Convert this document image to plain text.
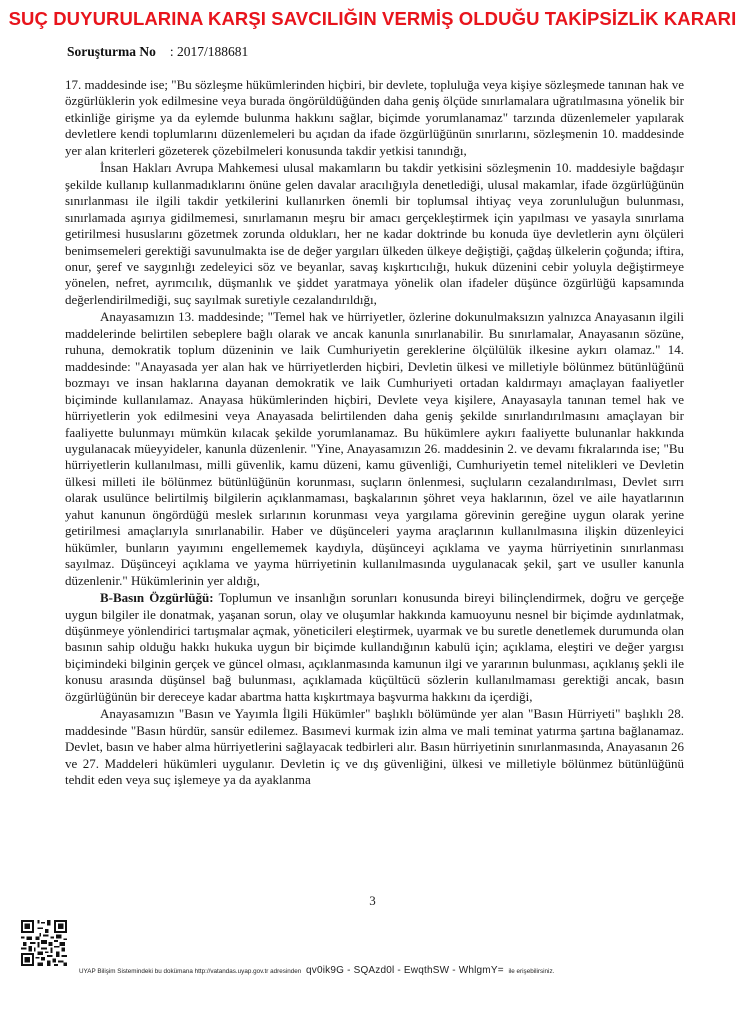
SUÇ DUYURULARINA KARŞI SAVCILIĞIN VERMİŞ OLDUĞU TAKİPSİZLİK KARARI
Soruşturma No : 2017/188681

17. maddesinde ise; "Bu sözleşme hükümlerinden hiçbiri, bir devlete, topluluğa veya kişiye sözleşmede tanınan hak ve özgürlüklerin yok edilmesine veya burada öngörüldüğünden daha geniş ölçüde sınırlamalara uğratılmasına yönelik bir etkinliğe girişme ya da eylemde bulunma hakkını sağlar, biçimde yorumlanamaz" tarzında düzenlemeler yapılarak devletlere kendi toplumlarını düzenlemeleri bu açıdan da ifade özgürlüğünün sınırlarını, sözleşmenin 10. maddesinde yer alan kriterleri gözeterek çözebilmeleri konusunda takdir yetkisi tanındığı,

İnsan Hakları Avrupa Mahkemesi ulusal makamların bu takdir yetkisini sözleşmenin 10. maddesiyle bağdaşır şekilde kullanıp kullanmadıklarını önüne gelen davalar aracılığıyla denetlediği, ulusal makamlar, ifade özgürlüğünün sınırlanması ile ilgili takdir yetkilerini kullanırken önemli bir toplumsal ihtiyaç veya zorunluluğun bulunması, sınırlamada aşırıya gidilmemesi, sınırlamanın meşru bir amacı gerçekleştirmek için yapılması ve yasayla sınırlama getirilmesi hususlarını gözetmek zorunda oldukları, her ne kadar doktrinde bu konuda üye devletlerin aynı ölçüleri benimsemeleri gerektiği savunulmakta ise de değer yargıları ülkeden ülkeye değiştiği, çağdaş ülkelerin çoğunda; iftira, onur, şeref ve saygınlığı zedeleyici söz ve beyanlar, savaş kışkırtıcılığı, hukuk düzenini cebir yoluyla değiştirmeye yönelen, nefret, ayrımcılık, düşmanlık ve şiddet yaratmaya yönelik olan ifadeler düşünce özgürlüğü kapsamında değerlendirilmediği, suç sayılmak suretiyle cezalandırıldığı,

Anayasamızın 13. maddesinde; "Temel hak ve hürriyetler, özlerine dokunulmaksızın yalnızca Anayasanın ilgili maddelerinde belirtilen sebeplere bağlı olarak ve ancak kanunla sınırlanabilir. Bu sınırlamalar, Anayasanın sözüne, ruhuna, demokratik toplum düzeninin ve laik Cumhuriyetin gereklerine ölçülülük ilkesine aykırı olamaz." 14. maddesinde: "Anayasada yer alan hak ve hürriyetlerden hiçbiri, Devletin ülkesi ve milletiyle bölünmez bütünlüğünü bozmayı ve insan haklarına dayanan demokratik ve laik Cumhuriyeti ortadan kaldırmayı amaçlayan faaliyetler biçiminde kullanılamaz. Anayasa hükümlerinden hiçbiri, Devlete veya kişilere, Anayasayla tanınan temel hak ve hürriyetlerin yok edilmesini veya Anayasada belirtilenden daha geniş şekilde sınırlandırılmasını amaçlayan bir faaliyette bulunmayı mümkün kılacak şekilde yorumlanamaz. Bu hükümlere aykırı faaliyette bulunanlar hakkında uygulanacak müeyyideler, kanunla düzenlenir. "Yine, Anayasamızın 26. maddesinin 2. ve devamı fıkralarında ise; "Bu hürriyetlerin kullanılması, milli güvenlik, kamu düzeni, kamu güvenliği, Cumhuriyetin temel nitelikleri ve Devletin ülkesi milleti ile bölünmez bütünlüğünün korunması, suçların önlenmesi, suçluların cezalandırılması, Devlet sırrı olarak usulünce belirtilmiş bilgilerin açıklanmaması, başkalarının şöhret veya haklarının, özel ve aile hayatlarının yahut kanunun öngördüğü meslek sırlarının korunması veya yargılama görevinin gereğine uygun olarak yerine getirilmesi amaçlarıyla sınırlanabilir. Haber ve düşünceleri yayma araçlarının kullanılmasına ilişkin düzenleyici hükümler, bunların yayımını engellememek kaydıyla, düşünceyi açıklama ve yayma hürriyetinin sınırlanması sayılmaz. Düşünceyi açıklama ve yayma hürriyetinin kullanılmasında uygulanacak şekil, şart ve usuller kanunla düzenlenir." Hükümlerinin yer aldığı,

B-Basın Özgürlüğü: Toplumun ve insanlığın sorunları konusunda bireyi bilinçlendirmek, doğru ve gerçeğe uygun bilgiler ile donatmak, yaşanan sorun, olay ve oluşumlar hakkında kamuoyunu nesnel bir biçimde aydınlatmak, düşünmeye yönlendirici tartışmalar açmak, yöneticileri eleştirmek, uyarmak ve bu suretle denetlemek durumunda olan basının sahip olduğu hakkı hukuka uygun bir biçimde kullandığının kabulü için; açıklama, eleştiri ve değer yargısı biçimindeki bilginin gerçek ve güncel olması, açıklanmasında kamunun ilgi ve yararının bulunması, açıklanış şekli ile konusu arasında düşünsel bağ bulunması, açıklamada küçültücü sözlerin kullanılmaması gerektiği ancak, basın özgürlüğünün bir dereceye kadar abartma hatta kışkırtmaya başvurma hakkını da içerdiği,

Anayasamızın "Basın ve Yayımla İlgili Hükümler" başlıklı bölümünde yer alan "Basın Hürriyeti" başlıklı 28. maddesinde "Basın hürdür, sansür edilemez. Basımevi kurmak izin alma ve mali teminat yatırma şartına bağlanamaz. Devlet, basın ve haber alma hürriyetlerini sağlayacak tedbirleri alır. Basın hürriyetinin sınırlanmasında, Anayasanın 26 ve 27. Maddeleri hükümleri uygulanır. Devletin iç ve dış güvenliğini, ülkesi ve milletiyle bölünmez bütünlüğünü tehdit eden veya suç işlemeye ya da ayaklanma

3
UYAP Bilişim Sistemindeki bu dokümana http://vatandas.uyap.gov.tr adresinden qv0ik9G - SQAzd0l - EwqthSW - WhlgmY= ile erişebilirsiniz.
